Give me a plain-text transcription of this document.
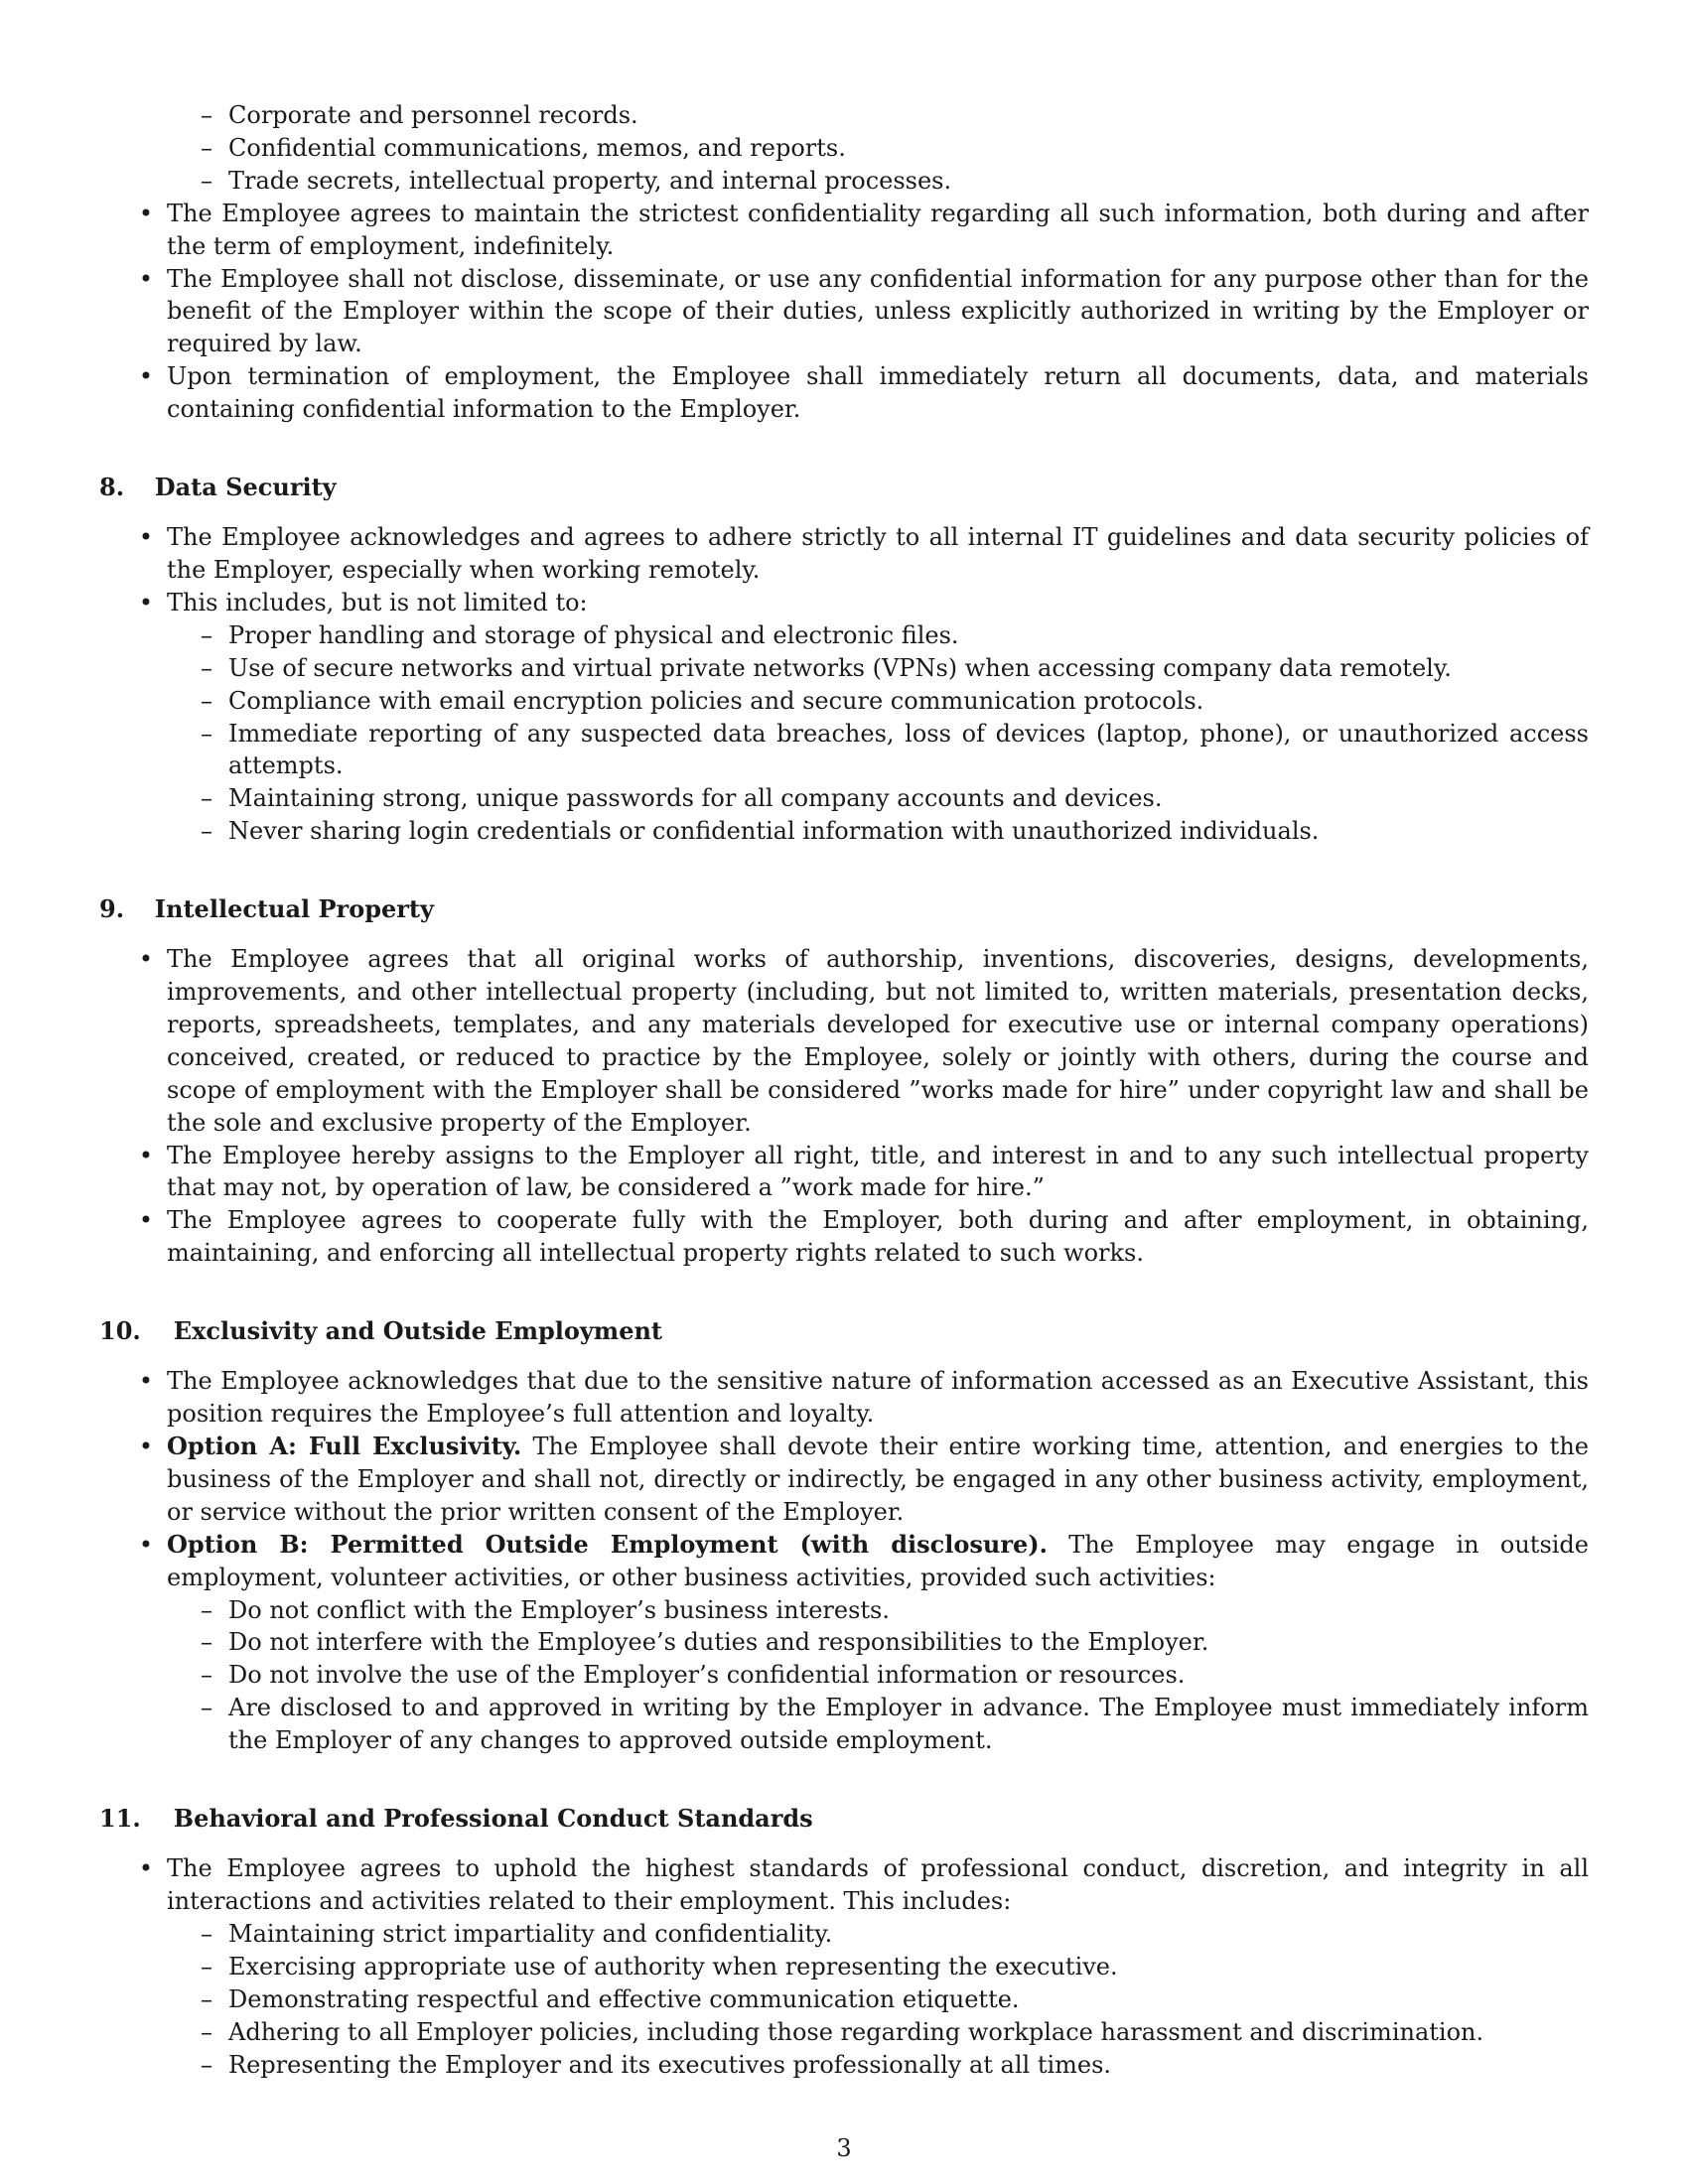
– Corporate and personnel records.
– Confidential communications, memos, and reports.
– Trade secrets, intellectual property, and internal processes.
• The Employee agrees to maintain the strictest confidentiality regarding all such information, both during and after the term of employment, indefinitely.
• The Employee shall not disclose, disseminate, or use any confidential information for any purpose other than for the benefit of the Employer within the scope of their duties, unless explicitly authorized in writing by the Employer or required by law.
• Upon termination of employment, the Employee shall immediately return all documents, data, and materials containing confidential information to the Employer.
8. Data Security
• The Employee acknowledges and agrees to adhere strictly to all internal IT guidelines and data security policies of the Employer, especially when working remotely.
• This includes, but is not limited to:
– Proper handling and storage of physical and electronic files.
– Use of secure networks and virtual private networks (VPNs) when accessing company data remotely.
– Compliance with email encryption policies and secure communication protocols.
– Immediate reporting of any suspected data breaches, loss of devices (laptop, phone), or unauthorized access attempts.
– Maintaining strong, unique passwords for all company accounts and devices.
– Never sharing login credentials or confidential information with unauthorized individuals.
9. Intellectual Property
• The Employee agrees that all original works of authorship, inventions, discoveries, designs, developments, improvements, and other intellectual property (including, but not limited to, written materials, presentation decks, reports, spreadsheets, templates, and any materials developed for executive use or internal company operations) conceived, created, or reduced to practice by the Employee, solely or jointly with others, during the course and scope of employment with the Employer shall be considered ”works made for hire” under copyright law and shall be the sole and exclusive property of the Employer.
• The Employee hereby assigns to the Employer all right, title, and interest in and to any such intellectual property that may not, by operation of law, be considered a ”work made for hire.”
• The Employee agrees to cooperate fully with the Employer, both during and after employment, in obtaining, maintaining, and enforcing all intellectual property rights related to such works.
10. Exclusivity and Outside Employment
• The Employee acknowledges that due to the sensitive nature of information accessed as an Executive Assistant, this position requires the Employee’s full attention and loyalty.
• Option A: Full Exclusivity. The Employee shall devote their entire working time, attention, and energies to the business of the Employer and shall not, directly or indirectly, be engaged in any other business activity, employment, or service without the prior written consent of the Employer.
• Option B: Permitted Outside Employment (with disclosure). The Employee may engage in outside employment, volunteer activities, or other business activities, provided such activities:
– Do not conflict with the Employer’s business interests.
– Do not interfere with the Employee’s duties and responsibilities to the Employer.
– Do not involve the use of the Employer’s confidential information or resources.
– Are disclosed to and approved in writing by the Employer in advance. The Employee must immediately inform the Employer of any changes to approved outside employment.
11. Behavioral and Professional Conduct Standards
• The Employee agrees to uphold the highest standards of professional conduct, discretion, and integrity in all interactions and activities related to their employment. This includes:
– Maintaining strict impartiality and confidentiality.
– Exercising appropriate use of authority when representing the executive.
– Demonstrating respectful and effective communication etiquette.
– Adhering to all Employer policies, including those regarding workplace harassment and discrimination.
– Representing the Employer and its executives professionally at all times.
3
